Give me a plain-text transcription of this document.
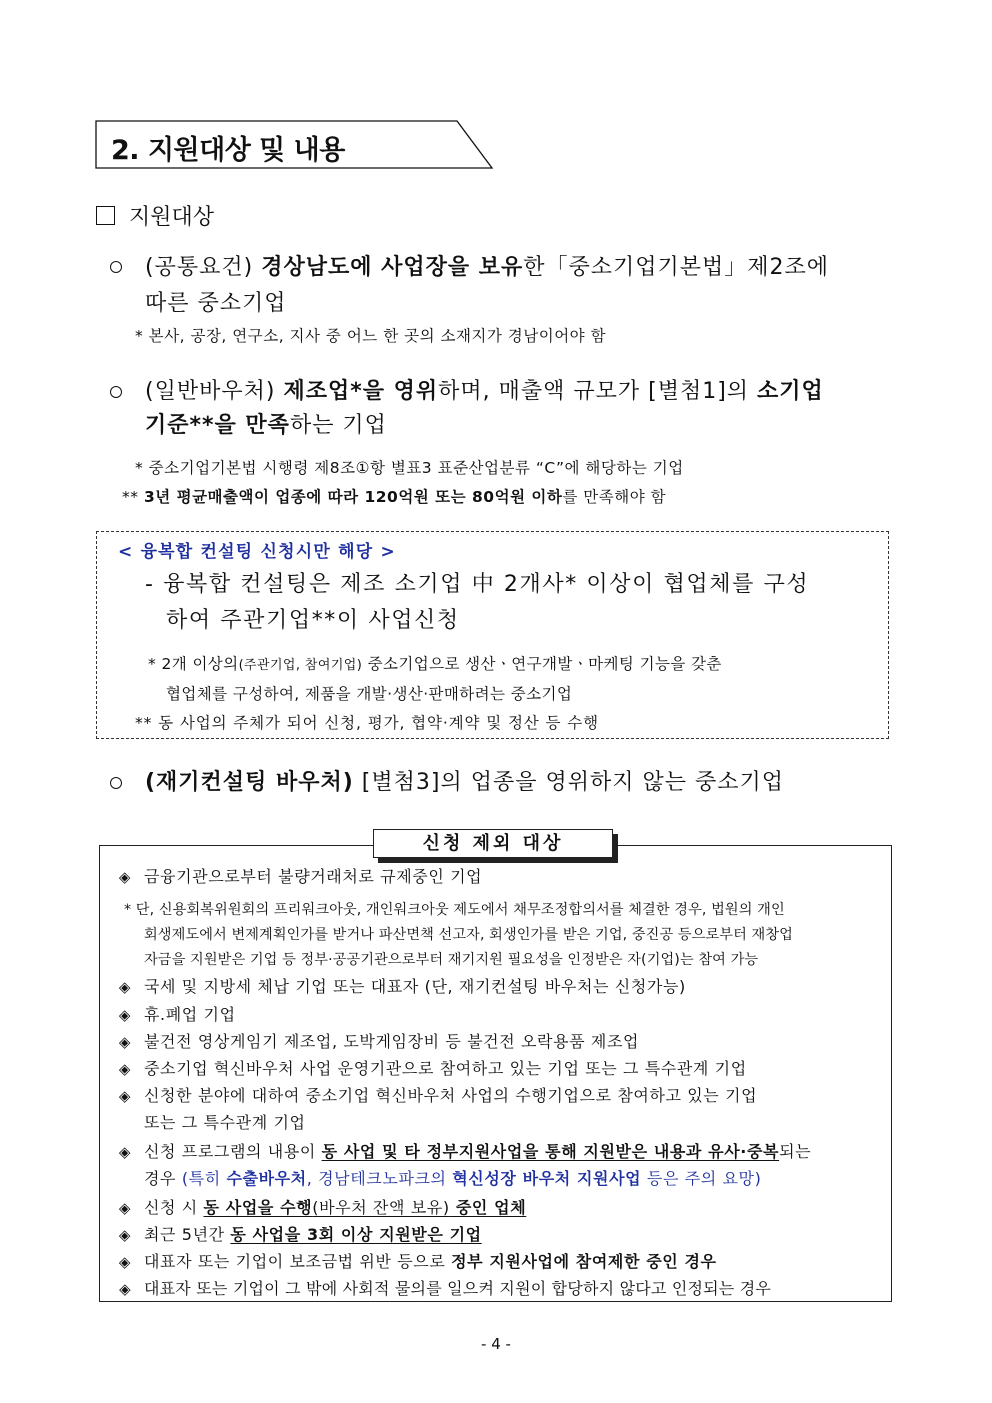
2. 지원대상 및 내용
지원대상
(공통요건) 경상남도에 사업장을 보유한「중소기업기본법」제2조에
따른 중소기업
* 본사, 공장, 연구소, 지사 중 어느 한 곳의 소재지가 경남이어야 함
(일반바우처) 제조업*을 영위하며, 매출액 규모가 [별첨1]의 소기업
기준**을 만족하는 기업
* 중소기업기본법 시행령 제8조①항 별표3 표준산업분류 “C”에 해당하는 기업
** 3년 평균매출액이 업종에 따라 120억원 또는 80억원 이하를 만족해야 함
< 융복합 컨설팅 신청시만 해당 >
- 융복합 컨설팅은 제조 소기업 中 2개사* 이상이 협업체를 구성
하여 주관기업**이 사업신청
* 2개 이상의(주관기업, 참여기업) 중소기업으로 생산ㆍ연구개발ㆍ마케팅 기능을 갖춘
협업체를 구성하여, 제품을 개발·생산·판매하려는 중소기업
** 동 사업의 주체가 되어 신청, 평가, 협약·계약 및 정산 등 수행
(재기컨설팅 바우처) [별첨3]의 업종을 영위하지 않는 중소기업
신청 제외 대상
◈ 금융기관으로부터 불량거래처로 규제중인 기업
* 단, 신용회복위원회의 프리워크아웃, 개인워크아웃 제도에서 채무조정합의서를 체결한 경우, 법원의 개인
회생제도에서 변제계획인가를 받거나 파산면책 선고자, 회생인가를 받은 기업, 중진공 등으로부터 재창업
자금을 지원받은 기업 등 정부·공공기관으로부터 재기지원 필요성을 인정받은 자(기업)는 참여 가능
◈ 국세 및 지방세 체납 기업 또는 대표자 (단, 재기컨설팅 바우처는 신청가능)
◈ 휴.폐업 기업
◈ 불건전 영상게임기 제조업, 도박게임장비 등 불건전 오락용품 제조업
◈ 중소기업 혁신바우처 사업 운영기관으로 참여하고 있는 기업 또는 그 특수관계 기업
◈ 신청한 분야에 대하여 중소기업 혁신바우처 사업의 수행기업으로 참여하고 있는 기업
또는 그 특수관계 기업
◈ 신청 프로그램의 내용이 동 사업 및 타 정부지원사업을 통해 지원받은 내용과 유사·중복되는
경우 (특히 수출바우처, 경남테크노파크의 혁신성장 바우처 지원사업 등은 주의 요망)
◈ 신청 시 동 사업을 수행(바우처 잔액 보유) 중인 업체
◈ 최근 5년간 동 사업을 3회 이상 지원받은 기업
◈ 대표자 또는 기업이 보조금법 위반 등으로 정부 지원사업에 참여제한 중인 경우
◈ 대표자 또는 기업이 그 밖에 사회적 물의를 일으켜 지원이 합당하지 않다고 인정되는 경우
- 4 -
